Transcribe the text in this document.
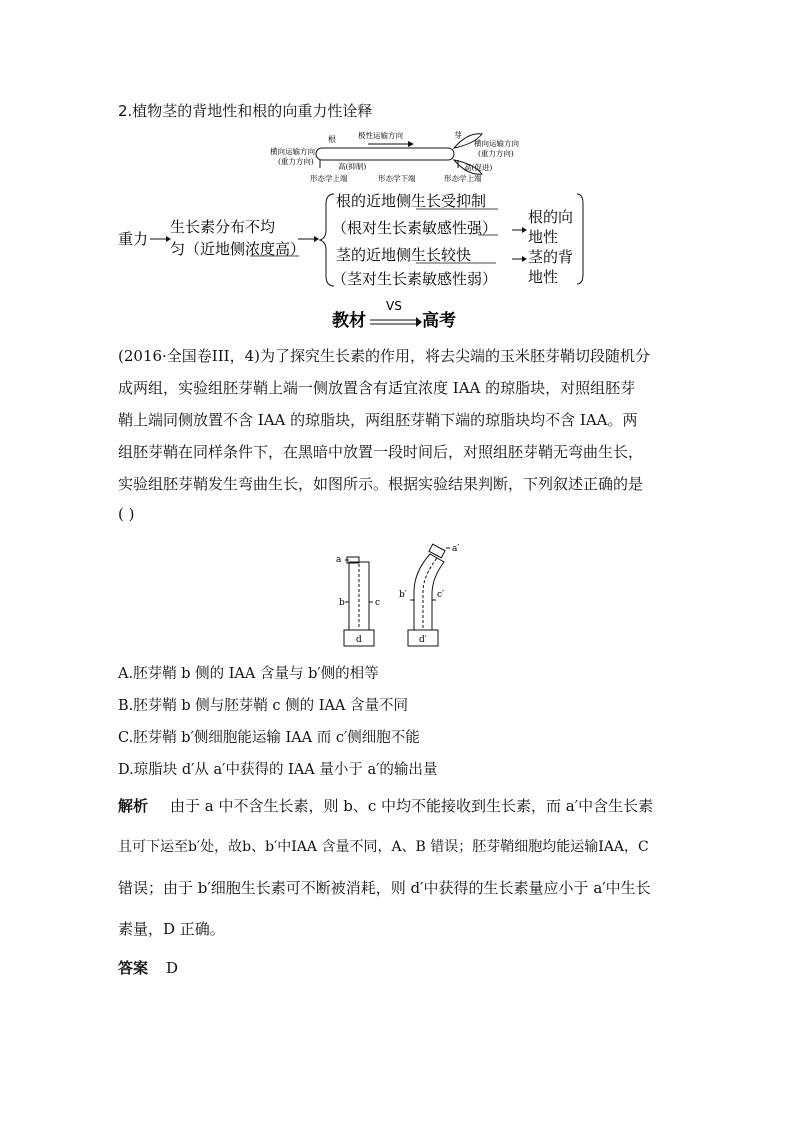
2.植物茎的背地性和根的向重力性诠释
根	极性运输方向	芽
横向运输方向
(重力方向)
横向运输方向
(重力方向)
高(抑制)	高(促进)
形态学上端	形态学下端	形态学上端
重力
生长素分布不均
匀（近地侧浓度高）
根的近地侧生长受抑制
（根对生长素敏感性强）
茎的近地侧生长较快
（茎对生长素敏感性弱）
根的向
地性
茎的背
地性
教材
VS
高考
(2016·全国卷III，4)为了探究生长素的作用，将去尖端的玉米胚芽鞘切段随机分
成两组，实验组胚芽鞘上端一侧放置含有适宜浓度 IAA 的琼脂块，对照组胚芽
鞘上端同侧放置不含 IAA 的琼脂块，两组胚芽鞘下端的琼脂块均不含 IAA。两
组胚芽鞘在同样条件下，在黑暗中放置一段时间后，对照组胚芽鞘无弯曲生长，
实验组胚芽鞘发生弯曲生长，如图所示。根据实验结果判断，下列叙述正确的是
( )
a
b	c
d
a′
b′	c′
d′
A.胚芽鞘 b 侧的 IAA 含量与 b′侧的相等
B.胚芽鞘 b 侧与胚芽鞘 c 侧的 IAA 含量不同
C.胚芽鞘 b′侧细胞能运输 IAA 而 c′侧细胞不能
D.琼脂块 d′从 a′中获得的 IAA 量小于 a′的输出量
解析 由于 a 中不含生长素，则 b、c 中均不能接收到生长素，而 a′中含生长素
且可下运至b′处，故b、b′中IAA 含量不同，A、B 错误；胚芽鞘细胞均能运输IAA，C
错误；由于 b′细胞生长素可不断被消耗，则 d′中获得的生长素量应小于 a′中生长
素量，D 正确。
答案 D
